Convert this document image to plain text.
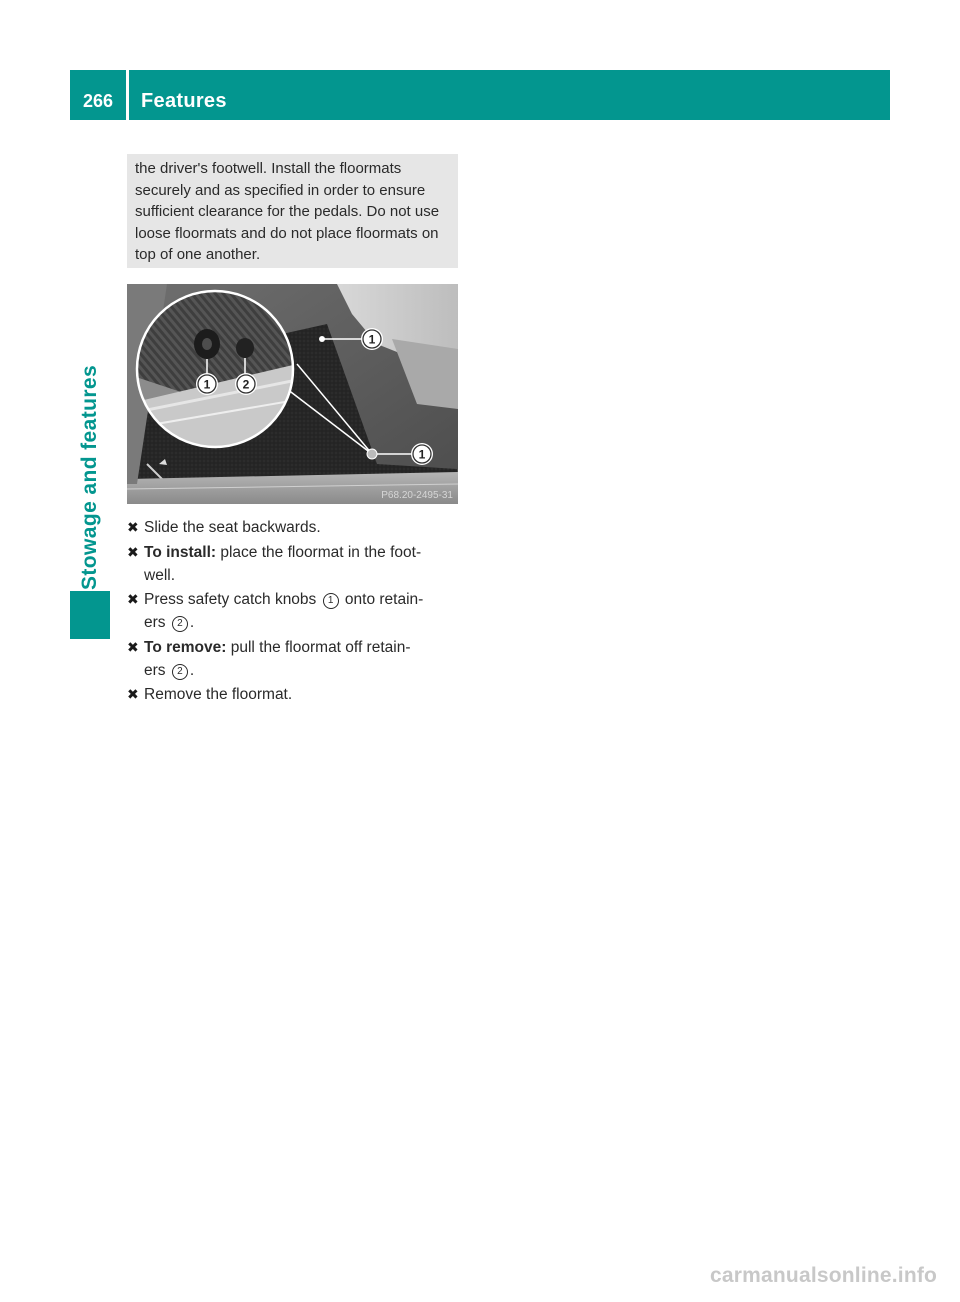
266	Features
Stowage and features

the driver's footwell. Install the floormats securely and as specified in order to ensure sufficient clearance for the pedals. Do not use loose floormats and do not place floormats on top of one another.

1	2
1
1
P68.20-2495-31
✖ Slide the seat backwards.
✖ To install: place the floormat in the foot-
well.
✖ Press safety catch knobs 1 onto retain-
ers 2 .
✖ To remove: pull the floormat off retain-
ers 2 .
✖ Remove the floormat.
carmanualsonline.info
